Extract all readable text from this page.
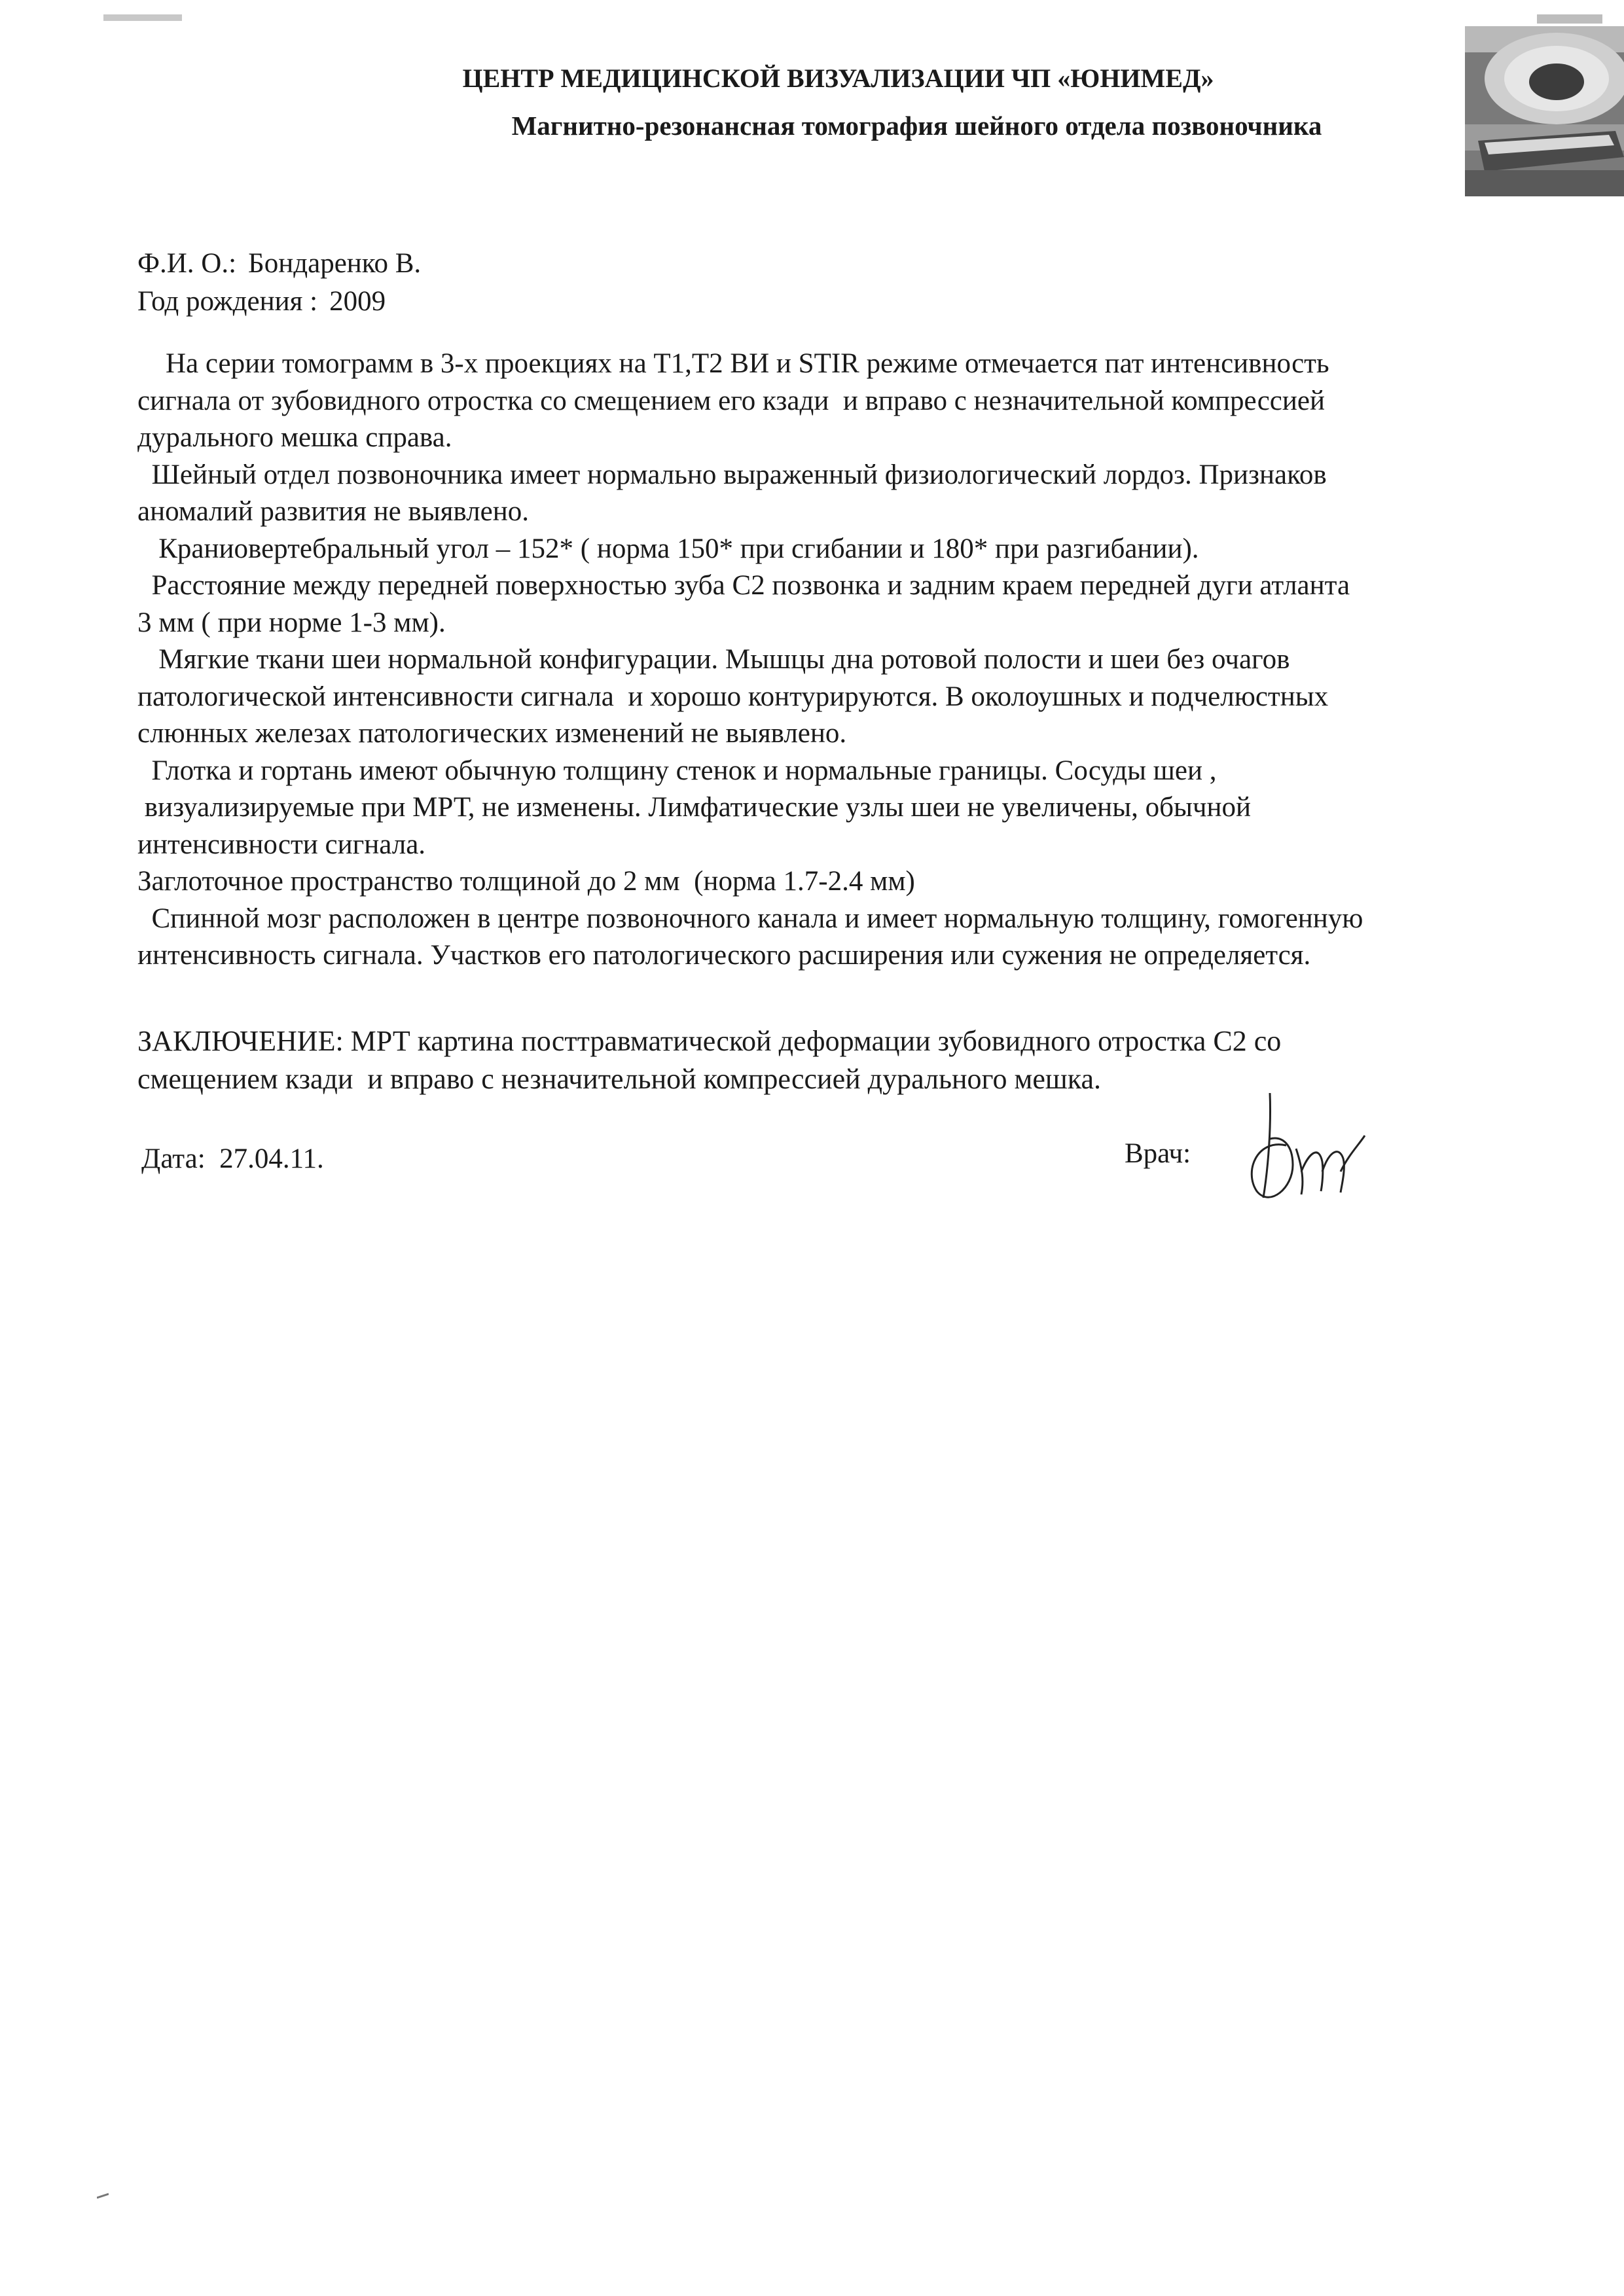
ЦЕНТР МЕДИЦИНСКОЙ ВИЗУАЛИЗАЦИИ ЧП «ЮНИМЕД»
Магнитно-резонансная томография шейного отдела позвоночника
Ф.И. О.: Бондаренко В.
Год рождения : 2009
На серии томограмм в 3-х проекциях на Т1,Т2 ВИ и STIR режиме отмечается пат интенсивность
сигнала от зубовидного отростка со смещением его кзади  и вправо с незначительной компрессией
дурального мешка справа.
Шейный отдел позвоночника имеет нормально выраженный физиологический лордоз. Признаков
аномалий развития не выявлено.
Краниовертебральный угол – 152* ( норма 150* при сгибании и 180* при разгибании).
Расстояние между передней поверхностью зуба С2 позвонка и задним краем передней дуги атланта
3 мм ( при норме 1-3 мм).
Мягкие ткани шеи нормальной конфигурации. Мышцы дна ротовой полости и шеи без очагов
патологической интенсивности сигнала  и хорошо контурируются. В околоушных и подчелюстных
слюнных железах патологических изменений не выявлено.
Глотка и гортань имеют обычную толщину стенок и нормальные границы. Сосуды шеи ,
визуализируемые при МРТ, не изменены. Лимфатические узлы шеи не увеличены, обычной
интенсивности сигнала.
Заглоточное пространство толщиной до 2 мм  (норма 1.7-2.4 мм)
Спинной мозг расположен в центре позвоночного канала и имеет нормальную толщину, гомогенную
интенсивность сигнала. Участков его патологического расширения или сужения не определяется.
ЗАКЛЮЧЕНИЕ: МРТ картина посттравматической деформации зубовидного отростка С2 со
смещением кзади  и вправо с незначительной компрессией дурального мешка.
Дата: 27.04.11.	Врач:
